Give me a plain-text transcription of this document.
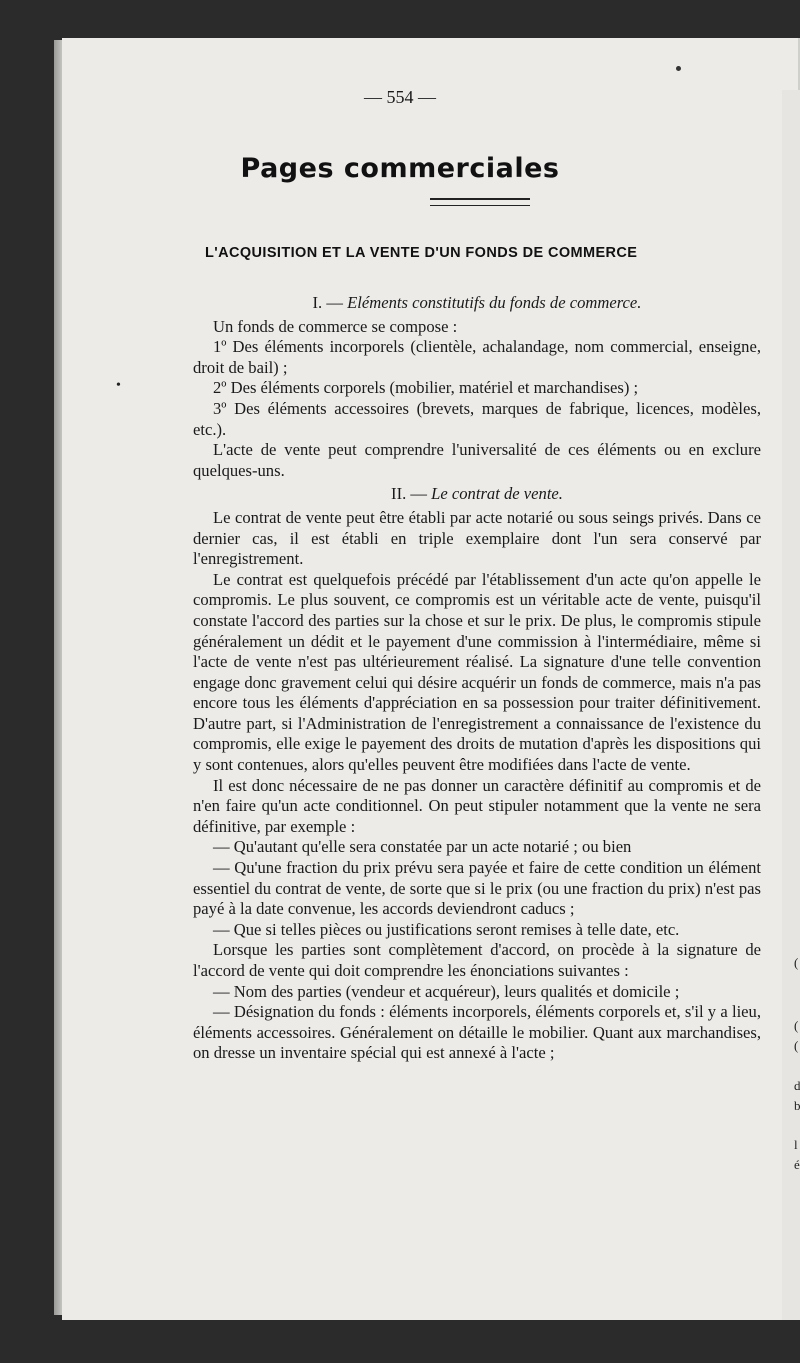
— 554 —
Pages commerciales
L'ACQUISITION ET LA VENTE D'UN FONDS DE COMMERCE
•

I. — Eléments constitutifs du fonds de commerce.

Un fonds de commerce se compose :

1º Des éléments incorporels (clientèle, achalandage, nom commercial, enseigne, droit de bail) ;

2º Des éléments corporels (mobilier, matériel et marchandises) ;

3º Des éléments accessoires (brevets, marques de fabrique, licences, modèles, etc.).

L'acte de vente peut comprendre l'universalité de ces éléments ou en exclure quelques-uns.

II. — Le contrat de vente.

Le contrat de vente peut être établi par acte notarié ou sous seings privés. Dans ce dernier cas, il est établi en triple exemplaire dont l'un sera conservé par l'enregistrement.

Le contrat est quelquefois précédé par l'établissement d'un acte qu'on appelle le compromis. Le plus souvent, ce compromis est un véritable acte de vente, puisqu'il constate l'accord des parties sur la chose et sur le prix. De plus, le compromis stipule généralement un dédit et le payement d'une commission à l'intermédiaire, même si l'acte de vente n'est pas ultérieurement réalisé. La signature d'une telle convention engage donc gravement celui qui désire acquérir un fonds de commerce, mais n'a pas encore tous les éléments d'appréciation en sa possession pour traiter définitivement. D'autre part, si l'Administration de l'enregistrement a connaissance de l'existence du compromis, elle exige le payement des droits de mutation d'après les dispositions qui y sont contenues, alors qu'elles peuvent être modifiées dans l'acte de vente.

Il est donc nécessaire de ne pas donner un caractère définitif au compromis et de n'en faire qu'un acte conditionnel. On peut stipuler notamment que la vente ne sera définitive, par exemple :

— Qu'autant qu'elle sera constatée par un acte notarié ; ou bien

— Qu'une fraction du prix prévu sera payée et faire de cette condition un élément essentiel du contrat de vente, de sorte que si le prix (ou une fraction du prix) n'est pas payé à la date convenue, les accords deviendront caducs ;

— Que si telles pièces ou justifications seront remises à telle date, etc.

Lorsque les parties sont complètement d'accord, on procède à la signature de l'accord de vente qui doit comprendre les énonciations suivantes :

— Nom des parties (vendeur et acquéreur), leurs qualités et domicile ;

— Désignation du fonds : éléments incorporels, éléments corporels et, s'il y a lieu, éléments accessoires. Généralement on détaille le mobilier. Quant aux marchandises, on dresse un inventaire spécial qui est annexé à l'acte ;

(
(
(
d
b
l
é
